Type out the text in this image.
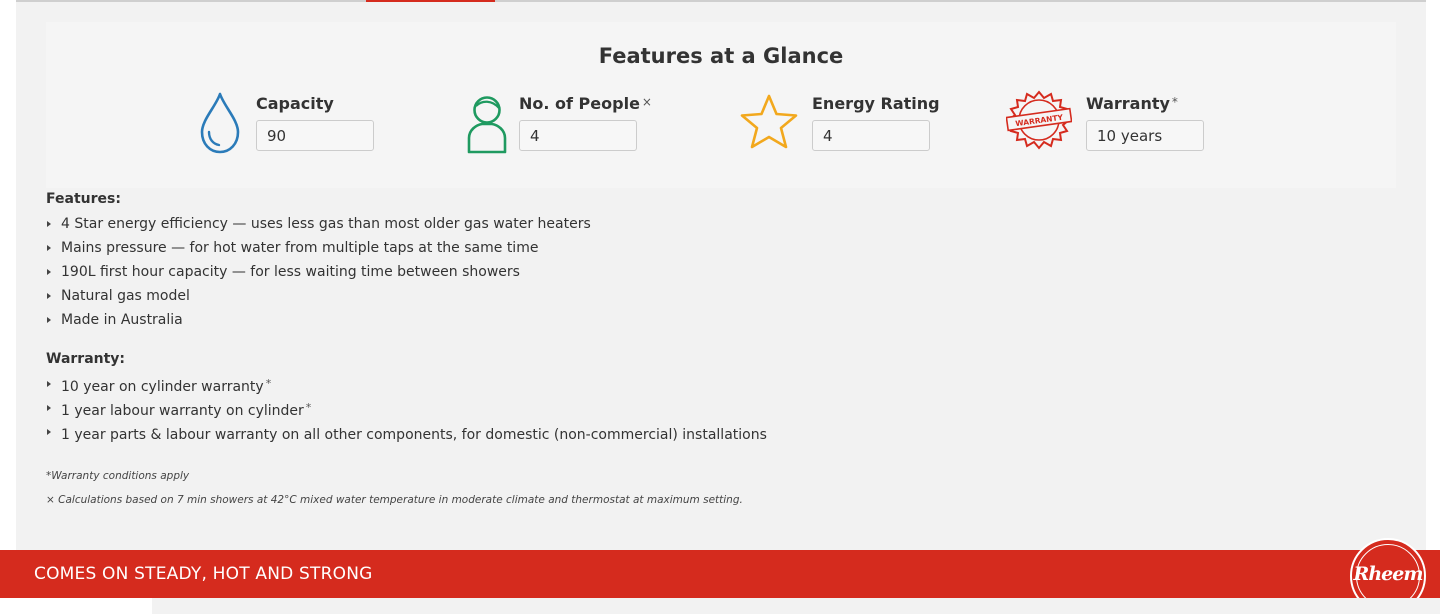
Features at a Glance
Capacity
90
No. of People ×
4
Energy Rating
4
WARRANTY
Warranty *
10 years
Features:
4 Star energy efficiency — uses less gas than most older gas water heaters
Mains pressure — for hot water from multiple taps at the same time
190L first hour capacity — for less waiting time between showers
Natural gas model
Made in Australia
Warranty:
10 year on cylinder warranty *
1 year labour warranty on cylinder *
1 year parts & labour warranty on all other components, for domestic (non-commercial) installations

*Warranty conditions apply

× Calculations based on 7 min showers at 42°C mixed water temperature in moderate climate and thermostat at maximum setting.

COMES ON STEADY, HOT AND STRONG	Rheem
